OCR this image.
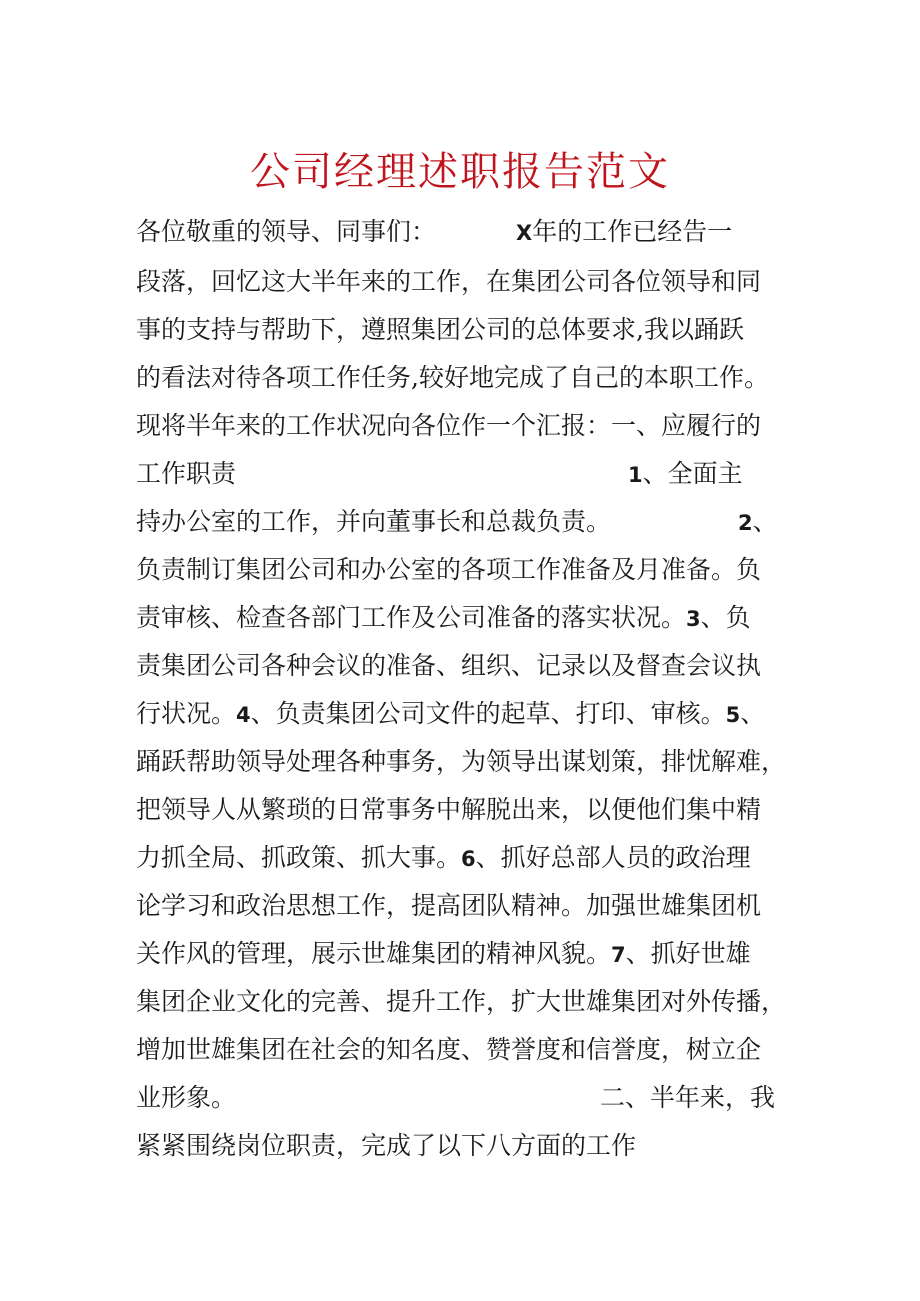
公司经理述职报告范文
各位敬重的领导、同事们：	X年的工作已经告一
段落，回忆这大半年来的工作，在集团公司各位领导和同
事的支持与帮助下，遵照集团公司的总体要求,我以踊跃
的看法对待各项工作任务,较好地完成了自己的本职工作。
现将半年来的工作状况向各位作一个汇报：一、应履行的
工作职责	1、全面主
持办公室的工作，并向董事长和总裁负责。	2、
负责制订集团公司和办公室的各项工作准备及月准备。负
责审核、检查各部门工作及公司准备的落实状况。3、负
责集团公司各种会议的准备、组织、记录以及督查会议执
行状况。4、负责集团公司文件的起草、打印、审核。5、
踊跃帮助领导处理各种事务，为领导出谋划策，排忧解难，
把领导人从繁琐的日常事务中解脱出来，以便他们集中精
力抓全局、抓政策、抓大事。6、抓好总部人员的政治理
论学习和政治思想工作，提高团队精神。加强世雄集团机
关作风的管理，展示世雄集团的精神风貌。7、抓好世雄
集团企业文化的完善、提升工作，扩大世雄集团对外传播，
增加世雄集团在社会的知名度、赞誉度和信誉度，树立企
业形象。	二、半年来，我
紧紧围绕岗位职责，完成了以下八方面的工作
